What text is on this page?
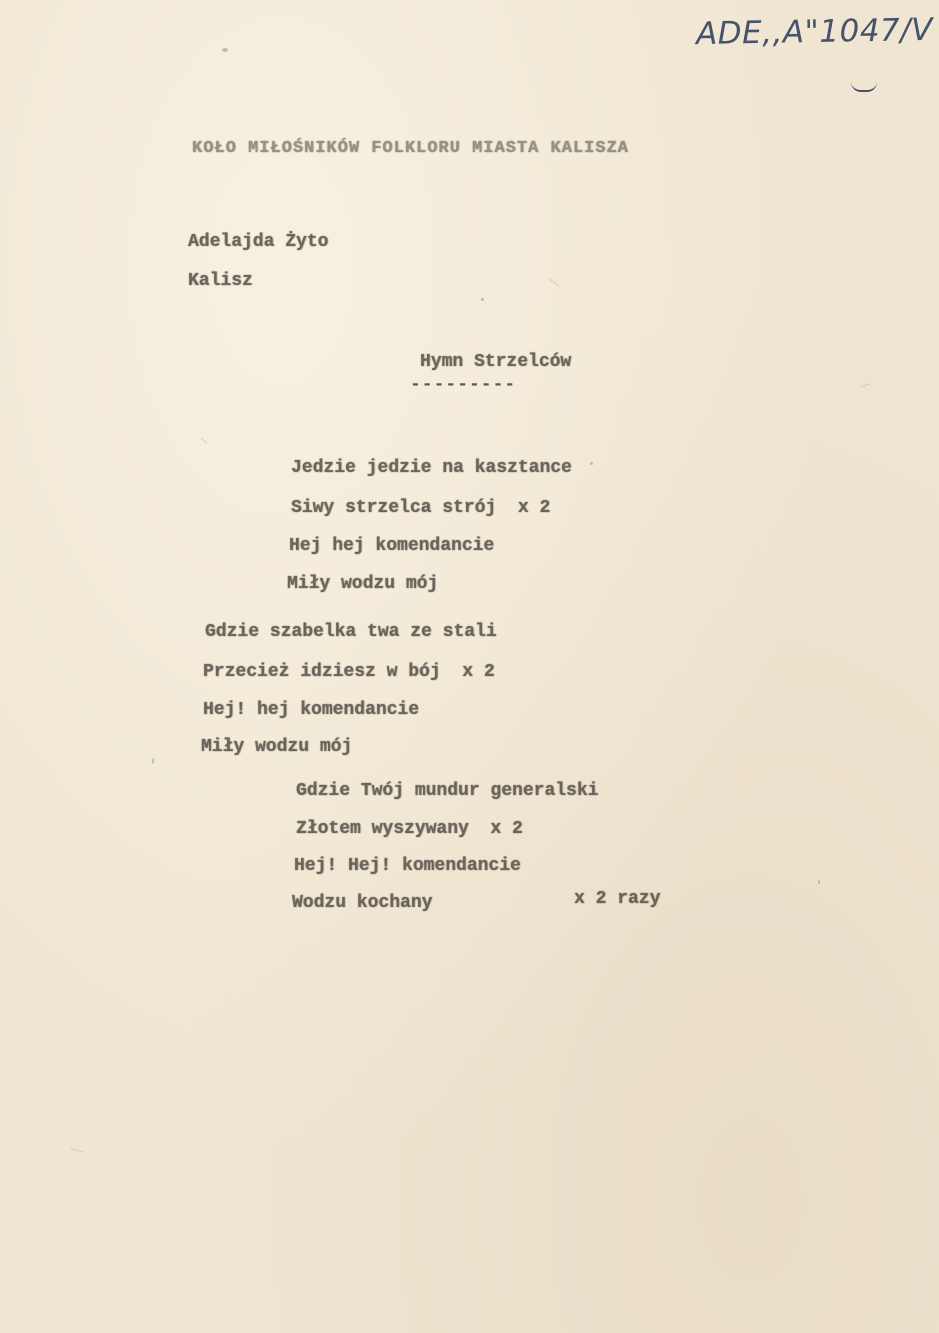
ADE,,A"1047/V
KOŁO MIŁOŚNIKÓW FOLKLORU MIASTA KALISZA
Adelajda Żyto
Kalisz
Hymn Strzelców
---------
Jedzie jedzie na kasztance
Siwy strzelca strój  x 2
Hej hej komendancie
Miły wodzu mój
Gdzie szabelka twa ze stali
Przecież idziesz w bój  x 2
Hej! hej komendancie
Miły wodzu mój
Gdzie Twój mundur generalski
Złotem wyszywany  x 2
Hej! Hej! komendancie
Wodzu kochany	x 2 razy
